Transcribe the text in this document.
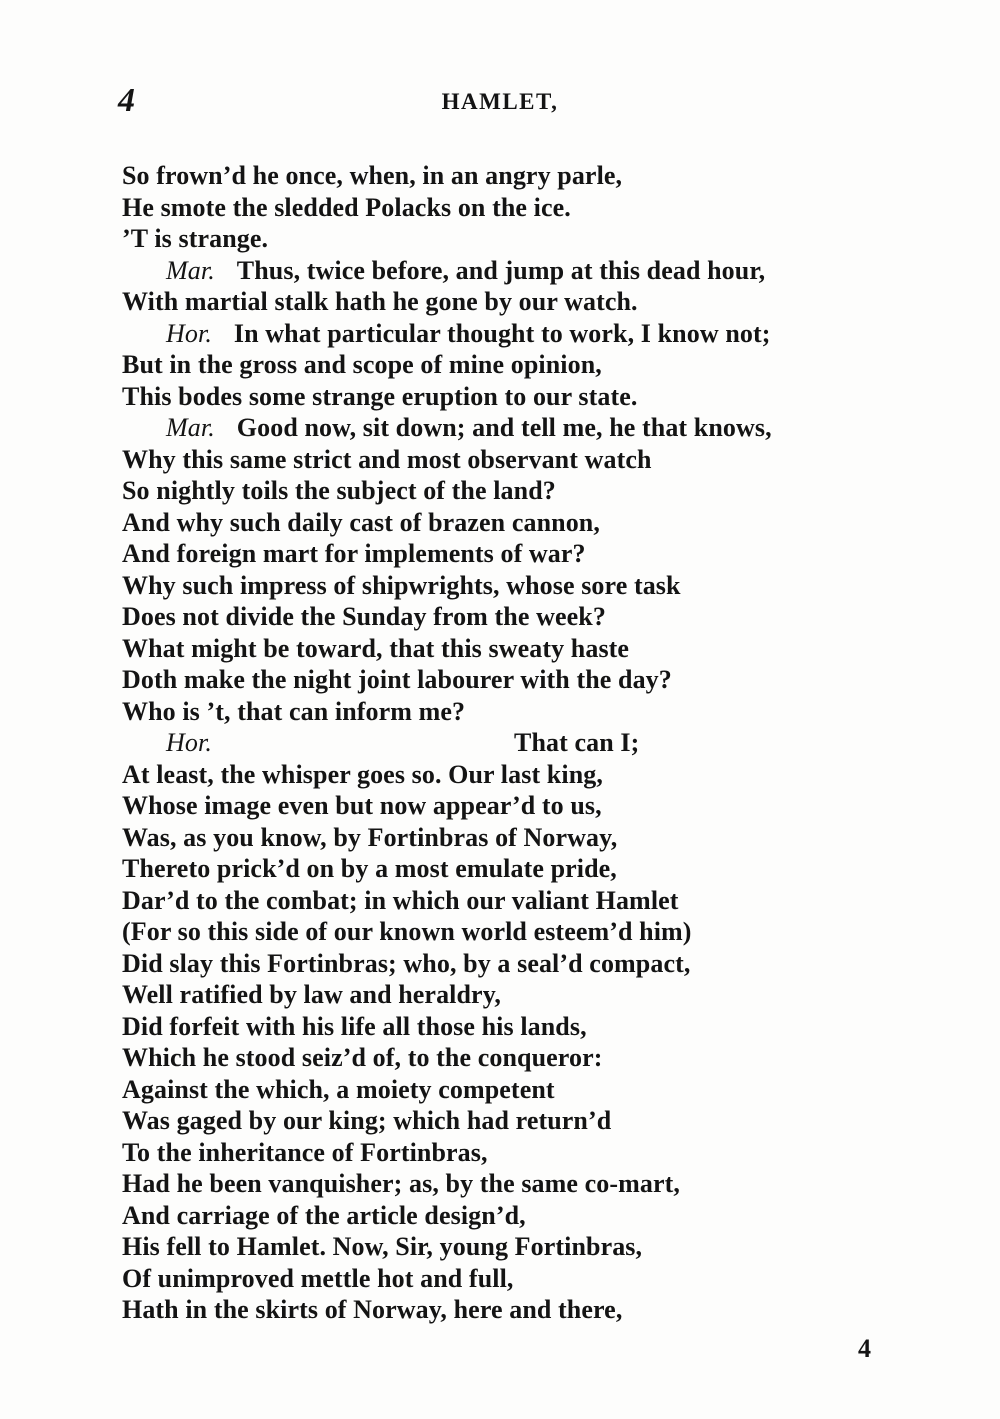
4	HAMLET,
So frown’d he once, when, in an angry parle,
He smote the sledded Polacks on the ice.
’T is strange.
Mar. Thus, twice before, and jump at this dead hour,
With martial stalk hath he gone by our watch.
Hor. In what particular thought to work, I know not;
But in the gross and scope of mine opinion,
This bodes some strange eruption to our state.
Mar. Good now, sit down; and tell me, he that knows,
Why this same strict and most observant watch
So nightly toils the subject of the land?
And why such daily cast of brazen cannon,
And foreign mart for implements of war?
Why such impress of shipwrights, whose sore task
Does not divide the Sunday from the week?
What might be toward, that this sweaty haste
Doth make the night joint labourer with the day?
Who is ’t, that can inform me?
Hor.	That can I;
At least, the whisper goes so. Our last king,
Whose image even but now appear’d to us,
Was, as you know, by Fortinbras of Norway,
Thereto prick’d on by a most emulate pride,
Dar’d to the combat; in which our valiant Hamlet
(For so this side of our known world esteem’d him)
Did slay this Fortinbras; who, by a seal’d compact,
Well ratified by law and heraldry,
Did forfeit with his life all those his lands,
Which he stood seiz’d of, to the conqueror:
Against the which, a moiety competent
Was gaged by our king; which had return’d
To the inheritance of Fortinbras,
Had he been vanquisher; as, by the same co-mart,
And carriage of the article design’d,
His fell to Hamlet. Now, Sir, young Fortinbras,
Of unimproved mettle hot and full,
Hath in the skirts of Norway, here and there,
4
